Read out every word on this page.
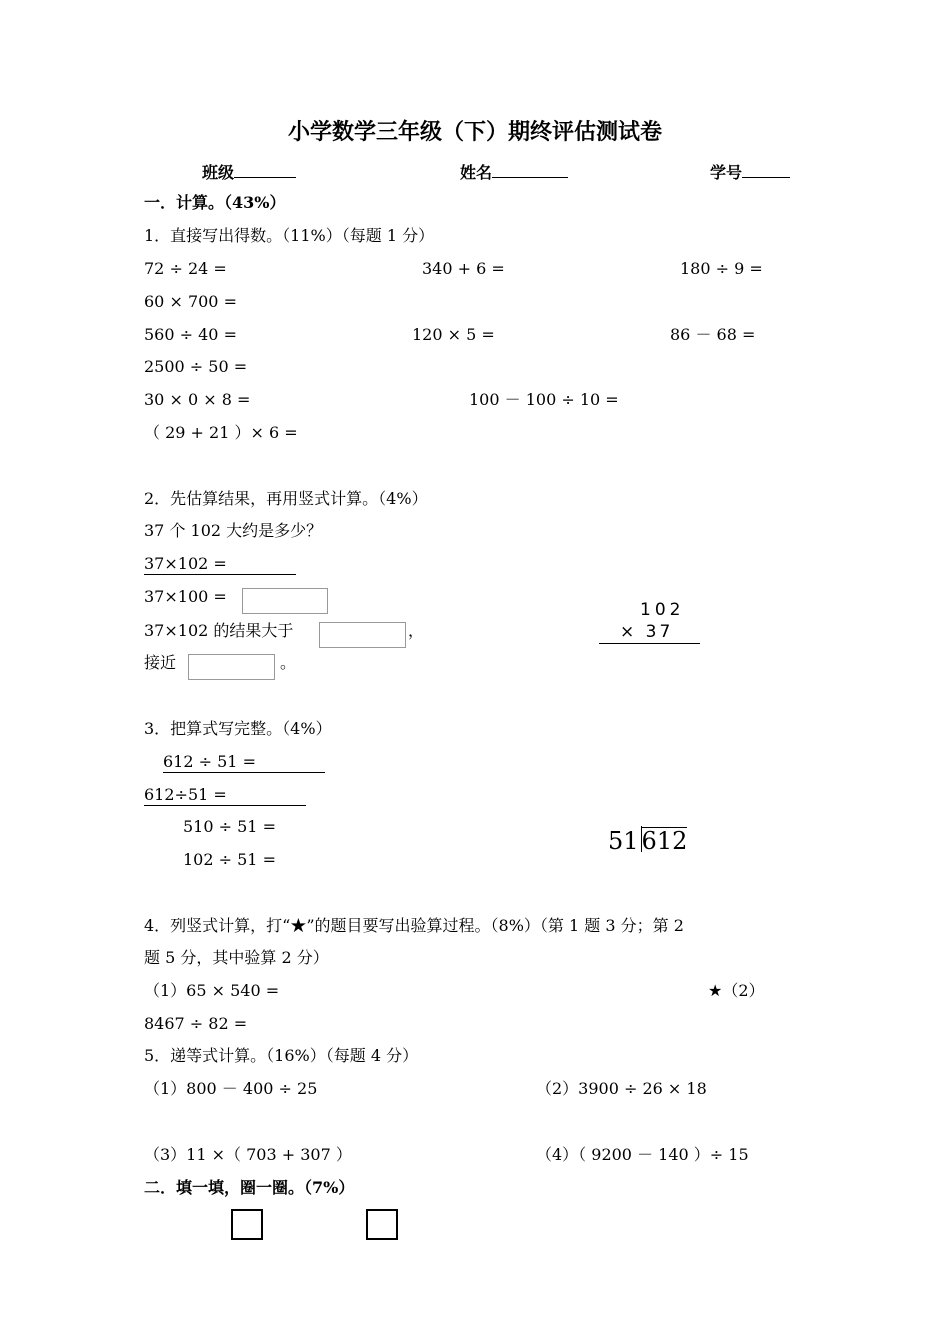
小学数学三年级（下）期终评估测试卷
班级	姓名	学号
一．计算。（43%）
1．直接写出得数。（11%）（每题 1 分）
72 ÷ 24 =	340 + 6 =	180 ÷ 9 =
60 × 700 =
560 ÷ 40 =	120 × 5 =	86 － 68 =
2500 ÷ 50 =
30 × 0 × 8 =	100 － 100 ÷ 10 =
（ 29 + 21 ）× 6 =
2．先估算结果，再用竖式计算。（4%）
37 个 102 大约是多少？
37×102 =
37×100 =
37×102 的结果大于	，
接近	。
102
× 37
3．把算式写完整。（4%）
612 ÷ 51 =
612÷51 =
510 ÷ 51 =
102 ÷ 51 =
51 612
4．列竖式计算，打“★”的题目要写出验算过程。（8%）（第 1 题 3 分；第 2
题 5 分，其中验算 2 分）
（1）65 × 540 =	★（2）
8467 ÷ 82 =
5．递等式计算。（16%）（每题 4 分）
（1）800 － 400 ÷ 25	（2）3900 ÷ 26 × 18
（3）11 ×（ 703 + 307 ）	（4）（ 9200 － 140 ）÷ 15
二．填一填，圈一圈。（7%）
